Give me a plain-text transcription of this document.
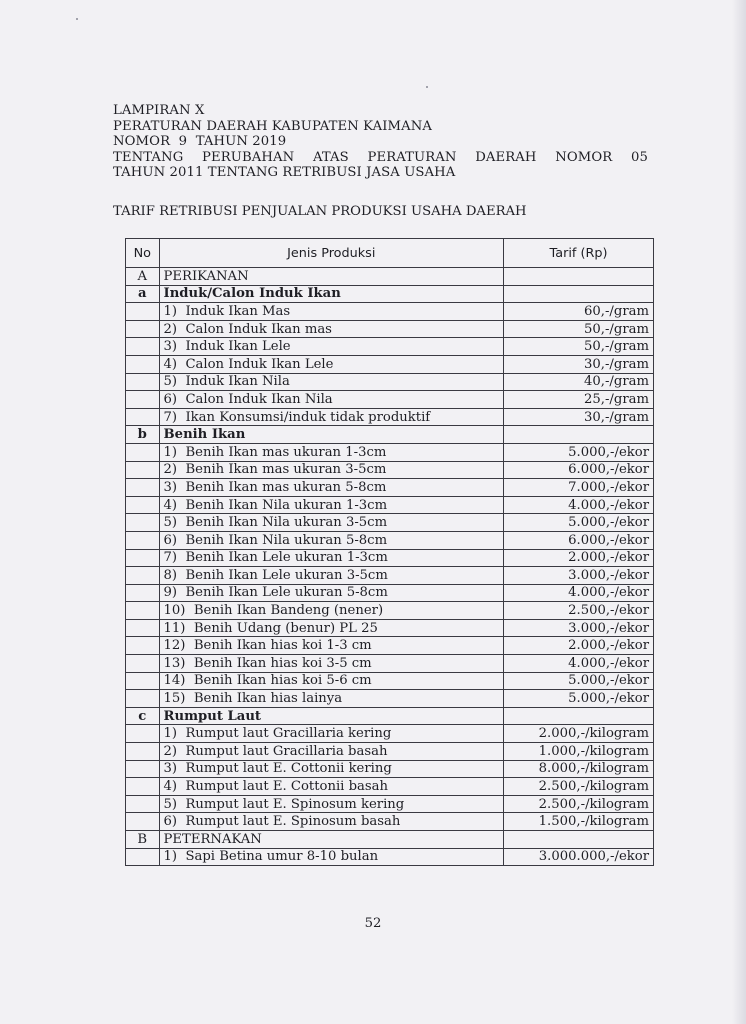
LAMPIRAN X
PERATURAN DAERAH KABUPATEN KAIMANA
NOMOR  9  TAHUN 2019
TENTANG PERUBAHAN ATAS PERATURAN DAERAH NOMOR 05
TAHUN 2011 TENTANG RETRIBUSI JASA USAHA
TARIF RETRIBUSI PENJUALAN PRODUKSI USAHA DAERAH
No	Jenis Produksi	Tarif (Rp)
A	PERIKANAN	
a	Induk/Calon Induk Ikan	
	1)  Induk Ikan Mas	60,-/gram
	2)  Calon Induk Ikan mas	50,-/gram
	3)  Induk Ikan Lele	50,-/gram
	4)  Calon Induk Ikan Lele	30,-/gram
	5)  Induk Ikan Nila	40,-/gram
	6)  Calon Induk Ikan Nila	25,-/gram
	7)  Ikan Konsumsi/induk tidak produktif	30,-/gram
b	Benih Ikan	
	1)  Benih Ikan mas ukuran 1-3cm	5.000,-/ekor
	2)  Benih Ikan mas ukuran 3-5cm	6.000,-/ekor
	3)  Benih Ikan mas ukuran 5-8cm	7.000,-/ekor
	4)  Benih Ikan Nila ukuran 1-3cm	4.000,-/ekor
	5)  Benih Ikan Nila ukuran 3-5cm	5.000,-/ekor
	6)  Benih Ikan Nila ukuran 5-8cm	6.000,-/ekor
	7)  Benih Ikan Lele ukuran 1-3cm	2.000,-/ekor
	8)  Benih Ikan Lele ukuran 3-5cm	3.000,-/ekor
	9)  Benih Ikan Lele ukuran 5-8cm	4.000,-/ekor
	10)  Benih Ikan Bandeng (nener)	2.500,-/ekor
	11)  Benih Udang (benur) PL 25	3.000,-/ekor
	12)  Benih Ikan hias koi 1-3 cm	2.000,-/ekor
	13)  Benih Ikan hias koi 3-5 cm	4.000,-/ekor
	14)  Benih Ikan hias koi 5-6 cm	5.000,-/ekor
	15)  Benih Ikan hias lainya	5.000,-/ekor
c	Rumput Laut	
	1)  Rumput laut Gracillaria kering	2.000,-/kilogram
	2)  Rumput laut Gracillaria basah	1.000,-/kilogram
	3)  Rumput laut E. Cottonii kering	8.000,-/kilogram
	4)  Rumput laut E. Cottonii basah	2.500,-/kilogram
	5)  Rumput laut E. Spinosum kering	2.500,-/kilogram
	6)  Rumput laut E. Spinosum basah	1.500,-/kilogram
B	PETERNAKAN	
	1)  Sapi Betina umur 8-10 bulan	3.000.000,-/ekor
52
